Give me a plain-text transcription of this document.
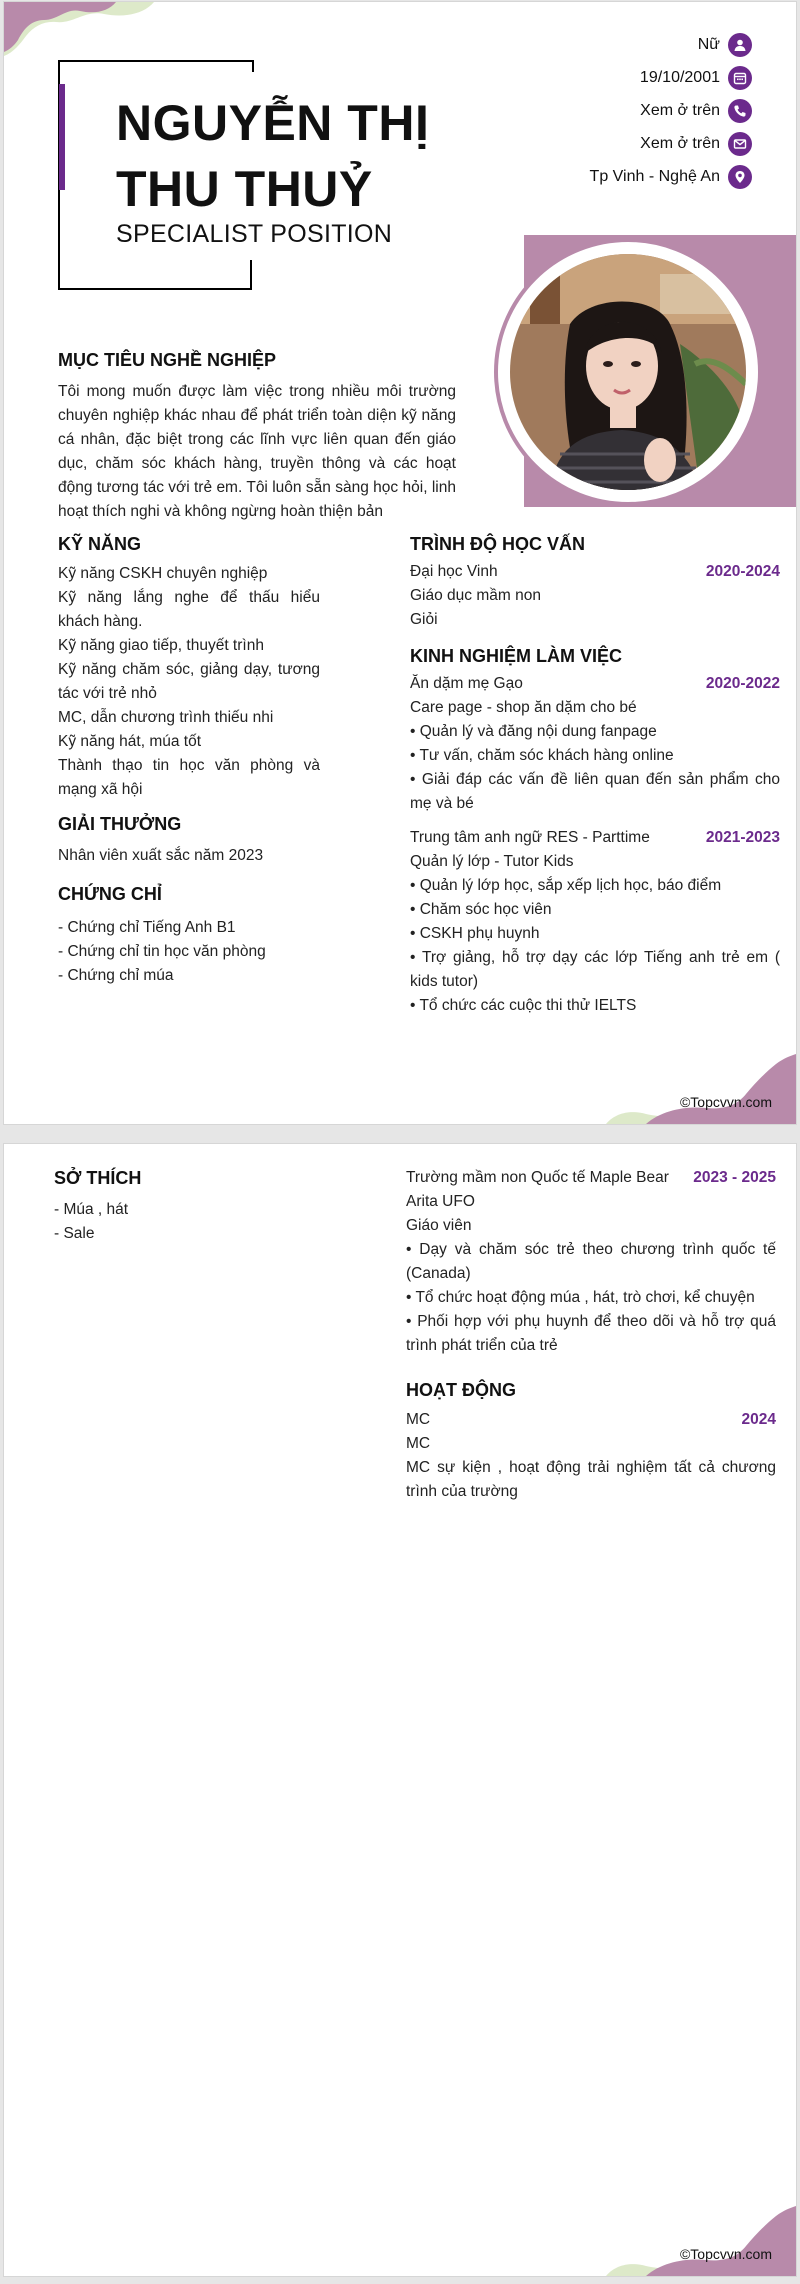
NGUYỄN THỊ THU THUỶ
SPECIALIST POSITION
Nữ
19/10/2001
Xem ở trên
Xem ở trên
Tp Vinh - Nghệ An
MỤC TIÊU NGHỀ NGHIỆP

Tôi mong muốn được làm việc trong nhiều môi trường chuyên nghiệp khác nhau để phát triển toàn diện kỹ năng cá nhân, đặc biệt trong các lĩnh vực liên quan đến giáo dục, chăm sóc khách hàng, truyền thông và các hoạt động tương tác với trẻ em. Tôi luôn sẵn sàng học hỏi, linh hoạt thích nghi và không ngừng hoàn thiện bản

KỸ NĂNG
Kỹ năng CSKH chuyên nghiệp
Kỹ năng lắng nghe để thấu hiểu khách hàng.
Kỹ năng giao tiếp, thuyết trình
Kỹ năng chăm sóc, giảng dạy, tương tác với trẻ nhỏ
MC, dẫn chương trình thiếu nhi
Kỹ năng hát, múa tốt
Thành thạo tin học văn phòng và mạng xã hội
GIẢI THƯỞNG
Nhân viên xuất sắc năm 2023
CHỨNG CHỈ
- Chứng chỉ Tiếng Anh B1
- Chứng chỉ tin học văn phòng
- Chứng chỉ múa
TRÌNH ĐỘ HỌC VẤN
Đại học Vinh	2020-2024
Giáo dục mầm non
Giỏi
KINH NGHIỆM LÀM VIỆC
Ăn dặm mẹ Gạo	2020-2022
Care page - shop ăn dặm cho bé
• Quản lý và đăng nội dung fanpage
• Tư vấn, chăm sóc khách hàng online
• Giải đáp các vấn đề liên quan đến sản phẩm cho mẹ và bé
Trung tâm anh ngữ RES - Parttime	2021-2023
Quản lý lớp - Tutor Kids
• Quản lý lớp học, sắp xếp lịch học, báo điểm
• Chăm sóc học viên
• CSKH phụ huynh
• Trợ giảng, hỗ trợ dạy các lớp Tiếng anh trẻ em ( kids tutor)
• Tổ chức các cuộc thi thử IELTS
©Topcvvn.com
SỞ THÍCH
- Múa , hát
- Sale
Trường mầm non Quốc tế Maple Bear Arita UFO
2023 - 2025
Giáo viên
• Dạy và chăm sóc trẻ theo chương trình quốc tế (Canada)
• Tổ chức hoạt động múa , hát, trò chơi, kể chuyện
• Phối hợp với phụ huynh để theo dõi và hỗ trợ quá trình phát triển của trẻ
HOẠT ĐỘNG
MC	2024
MC
MC sự kiện , hoạt động trải nghiệm tất cả chương trình của trường
©Topcvvn.com
